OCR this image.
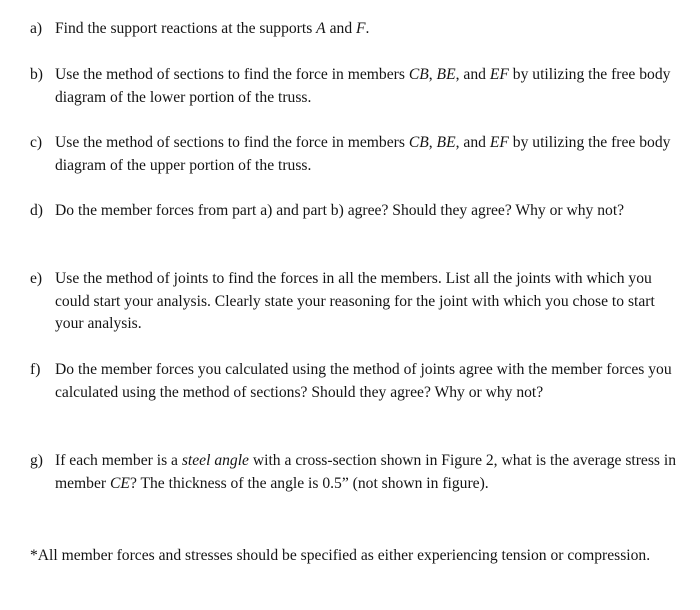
a) Find the support reactions at the supports A and F.
b) Use the method of sections to find the force in members CB, BE, and EF by utilizing the free body diagram of the lower portion of the truss.
c) Use the method of sections to find the force in members CB, BE, and EF by utilizing the free body diagram of the upper portion of the truss.
d) Do the member forces from part a) and part b) agree? Should they agree? Why or why not?
e) Use the method of joints to find the forces in all the members. List all the joints with which you could start your analysis. Clearly state your reasoning for the joint with which you chose to start your analysis.
f) Do the member forces you calculated using the method of joints agree with the member forces you calculated using the method of sections? Should they agree? Why or why not?
g) If each member is a steel angle with a cross-section shown in Figure 2, what is the average stress in member CE? The thickness of the angle is 0.5” (not shown in figure).
*All member forces and stresses should be specified as either experiencing tension or compression.
